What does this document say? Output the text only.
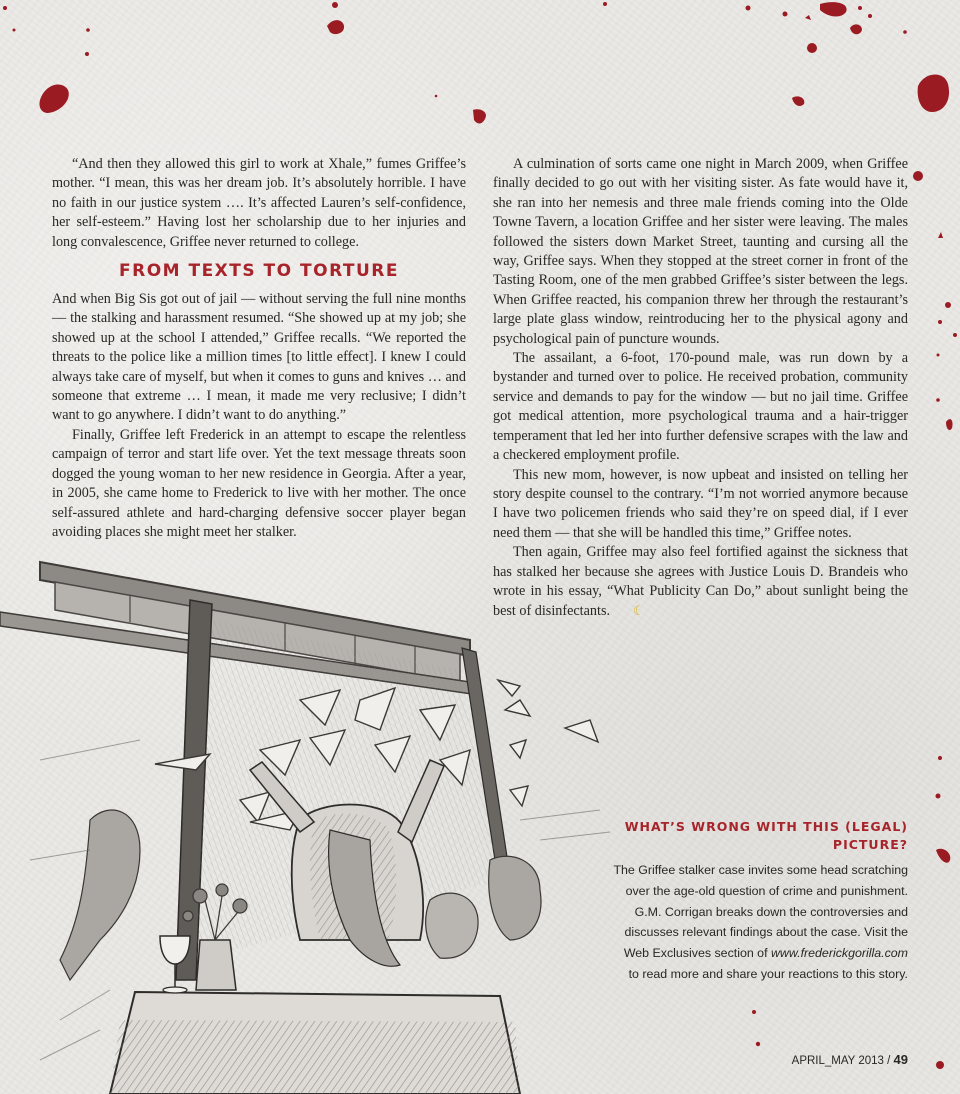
“And then they allowed this girl to work at Xhale,” fumes Griffee’s mother. “I mean, this was her dream job. It’s absolutely horrible. I have no faith in our justice system …. It’s affected Lauren’s self-confidence, her self-esteem.” Having lost her scholarship due to her injuries and long convalescence, Griffee never returned to college.

FROM TEXTS TO TORTURE

And when Big Sis got out of jail — without serving the full nine months — the stalking and harassment resumed. “She showed up at my job; she showed up at the school I attended,” Griffee recalls. “We reported the threats to the police like a million times [to little effect]. I knew I could always take care of myself, but when it comes to guns and knives … and someone that extreme … I mean, it made me very reclusive; I didn’t want to go anywhere. I didn’t want to do anything.”

Finally, Griffee left Frederick in an attempt to escape the relentless campaign of terror and start life over. Yet the text message threats soon dogged the young woman to her new residence in Georgia. After a year, in 2005, she came home to Frederick to live with her mother. The once self-assured athlete and hard-charging defensive soccer player began avoiding places she might meet her stalker.

A culmination of sorts came one night in March 2009, when Griffee finally decided to go out with her visiting sister. As fate would have it, she ran into her nemesis and three male friends coming into the Olde Towne Tavern, a location Griffee and her sister were leaving. The males followed the sisters down Market Street, taunting and cursing all the way, Griffee says. When they stopped at the street corner in front of the Tasting Room, one of the men grabbed Griffee’s sister between the legs. When Griffee reacted, his companion threw her through the restaurant’s large plate glass window, reintroducing her to the physical agony and psychological pain of puncture wounds.

The assailant, a 6-foot, 170-pound male, was run down by a bystander and turned over to police. He received probation, community service and demands to pay for the window — but no jail time. Griffee got medical attention, more psychological trauma and a hair-trigger temperament that led her into further defensive scrapes with the law and a checkered employment profile.

This new mom, however, is now upbeat and insisted on telling her story despite counsel to the contrary. “I’m not worried anymore because I have two policemen friends who said they’re on speed dial, if I ever need them — that she will be handled this time,” Griffee notes.

Then again, Griffee may also feel fortified against the sickness that has stalked her because she agrees with Justice Louis D. Brandeis who wrote in his essay, “What Publicity Can Do,” about sunlight being the best of disinfectants. ☾

WHAT’S WRONG WITH THIS (LEGAL) PICTURE?
The Griffee stalker case invites some head scratching
over the age-old question of crime and punishment.
G.M. Corrigan breaks down the controversies and
discusses relevant findings about the case. Visit the
Web Exclusives section of www.frederickgorilla.com
to read more and share your reactions to this story.
APRIL_MAY 2013 / 49
